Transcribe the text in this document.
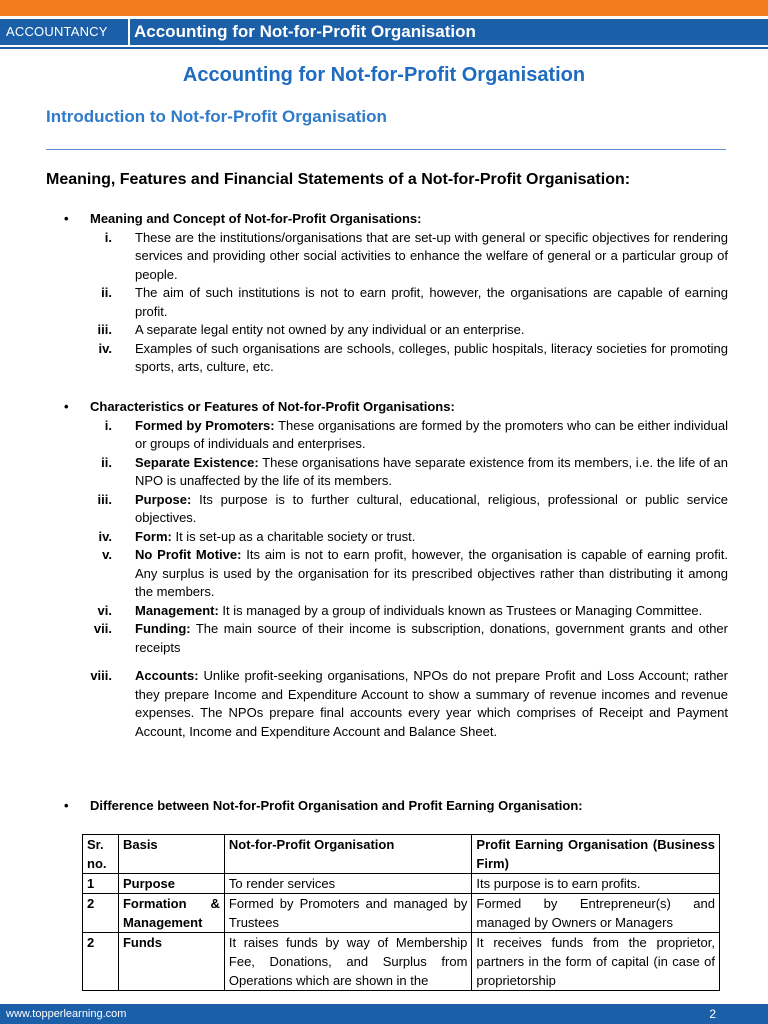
ACCOUNTANCY	Accounting for Not-for-Profit Organisation
Accounting for Not-for-Profit Organisation
Introduction to Not-for-Profit Organisation
Meaning, Features and Financial Statements of a Not-for-Profit Organisation:
• Meaning and Concept of Not-for-Profit Organisations:
i. These are the institutions/organisations that are set-up with general or specific objectives for rendering services and providing other social activities to enhance the welfare of general or a particular group of people.
ii. The aim of such institutions is not to earn profit, however, the organisations are capable of earning profit.
iii. A separate legal entity not owned by any individual or an enterprise.
iv. Examples of such organisations are schools, colleges, public hospitals, literacy societies for promoting sports, arts, culture, etc.
• Characteristics or Features of Not-for-Profit Organisations:
i. Formed by Promoters: These organisations are formed by the promoters who can be either individual or groups of individuals and enterprises.
ii. Separate Existence: These organisations have separate existence from its members, i.e. the life of an NPO is unaffected by the life of its members.
iii. Purpose: Its purpose is to further cultural, educational, religious, professional or public service objectives.
iv. Form: It is set-up as a charitable society or trust.
v. No Profit Motive: Its aim is not to earn profit, however, the organisation is capable of earning profit. Any surplus is used by the organisation for its prescribed objectives rather than distributing it among the members.
vi. Management: It is managed by a group of individuals known as Trustees or Managing Committee.
vii. Funding: The main source of their income is subscription, donations, government grants and other receipts
viii. Accounts: Unlike profit-seeking organisations, NPOs do not prepare Profit and Loss Account; rather they prepare Income and Expenditure Account to show a summary of revenue incomes and revenue expenses. The NPOs prepare final accounts every year which comprises of Receipt and Payment Account, Income and Expenditure Account and Balance Sheet.
• Difference between Not-for-Profit Organisation and Profit Earning Organisation:
Sr. no.	Basis	Not-for-Profit Organisation	Profit Earning Organisation (Business Firm)
1	Purpose	To render services	Its purpose is to earn profits.
2	Formation & Management	Formed by Promoters and managed by Trustees	Formed by Entrepreneur(s) and managed by Owners or Managers
2	Funds	It raises funds by way of Membership Fee, Donations, and Surplus from Operations which are shown in the	It receives funds from the proprietor, partners in the form of capital (in case of proprietorship
www.topperlearning.com	2
